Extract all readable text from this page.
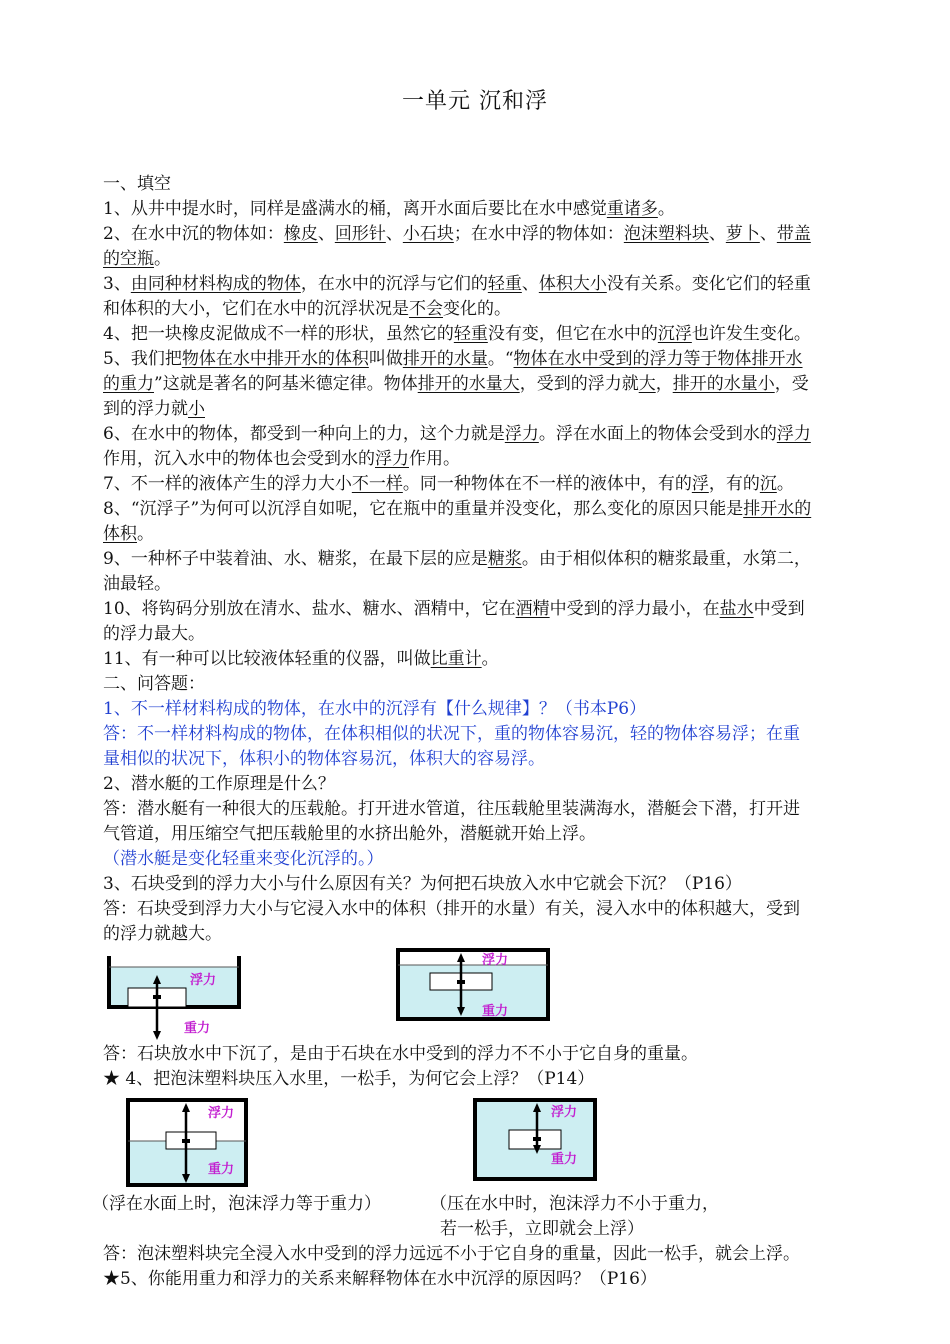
一单元 沉和浮
一、填空
1、从井中提水时，同样是盛满水的桶，离开水面后要比在水中感觉重诸多。
2、在水中沉的物体如：橡皮、回形针、小石块；在水中浮的物体如：泡沫塑料块、萝卜、带盖
的空瓶。
3、由同种材料构成的物体，在水中的沉浮与它们的轻重、体积大小没有关系。变化它们的轻重
和体积的大小，它们在水中的沉浮状况是不会变化的。
4、把一块橡皮泥做成不一样的形状，虽然它的轻重没有变，但它在水中的沉浮也许发生变化。
5、我们把物体在水中排开水的体积叫做排开的水量。“物体在水中受到的浮力等于物体排开水
的重力”这就是著名的阿基米德定律。物体排开的水量大，受到的浮力就大，排开的水量小，受
到的浮力就小
6、在水中的物体，都受到一种向上的力，这个力就是浮力。浮在水面上的物体会受到水的浮力
作用，沉入水中的物体也会受到水的浮力作用。
7、不一样的液体产生的浮力大小不一样。同一种物体在不一样的液体中，有的浮，有的沉。
8、“沉浮子”为何可以沉浮自如呢，它在瓶中的重量并没变化，那么变化的原因只能是排开水的
体积。
9、一种杯子中装着油、水、糖浆，在最下层的应是糖浆。由于相似体积的糖浆最重，水第二，
油最轻。
10、将钩码分别放在清水、盐水、糖水、酒精中，它在酒精中受到的浮力最小，在盐水中受到
的浮力最大。
11、有一种可以比较液体轻重的仪器，叫做比重计。
二、问答题：
1、不一样材料构成的物体，在水中的沉浮有【什么规律】？（书本P6）
答：不一样材料构成的物体，在体积相似的状况下，重的物体容易沉，轻的物体容易浮；在重
量相似的状况下，体积小的物体容易沉，体积大的容易浮。
2、潜水艇的工作原理是什么？
答：潜水艇有一种很大的压载舱。打开进水管道，往压载舱里装满海水，潜艇会下潜，打开进
气管道，用压缩空气把压载舱里的水挤出舱外，潜艇就开始上浮。
（潜水艇是变化轻重来变化沉浮的。）
3、石块受到的浮力大小与什么原因有关？为何把石块放入水中它就会下沉？（P16）
答：石块受到浮力大小与它浸入水中的体积（排开的水量）有关，浸入水中的体积越大，受到
的浮力就越大。
浮力
重力
浮力
重力
答：石块放水中下沉了，是由于石块在水中受到的浮力不不小于它自身的重量。
★ 4、把泡沫塑料块压入水里，一松手，为何它会上浮？（P14）
浮力
重力
浮力
重力
（浮在水面上时，泡沫浮力等于重力）	（压在水中时，泡沫浮力不小于重力，
若一松手，立即就会上浮）
答：泡沫塑料块完全浸入水中受到的浮力远远不小于它自身的重量，因此一松手，就会上浮。
★5、你能用重力和浮力的关系来解释物体在水中沉浮的原因吗？（P16）
